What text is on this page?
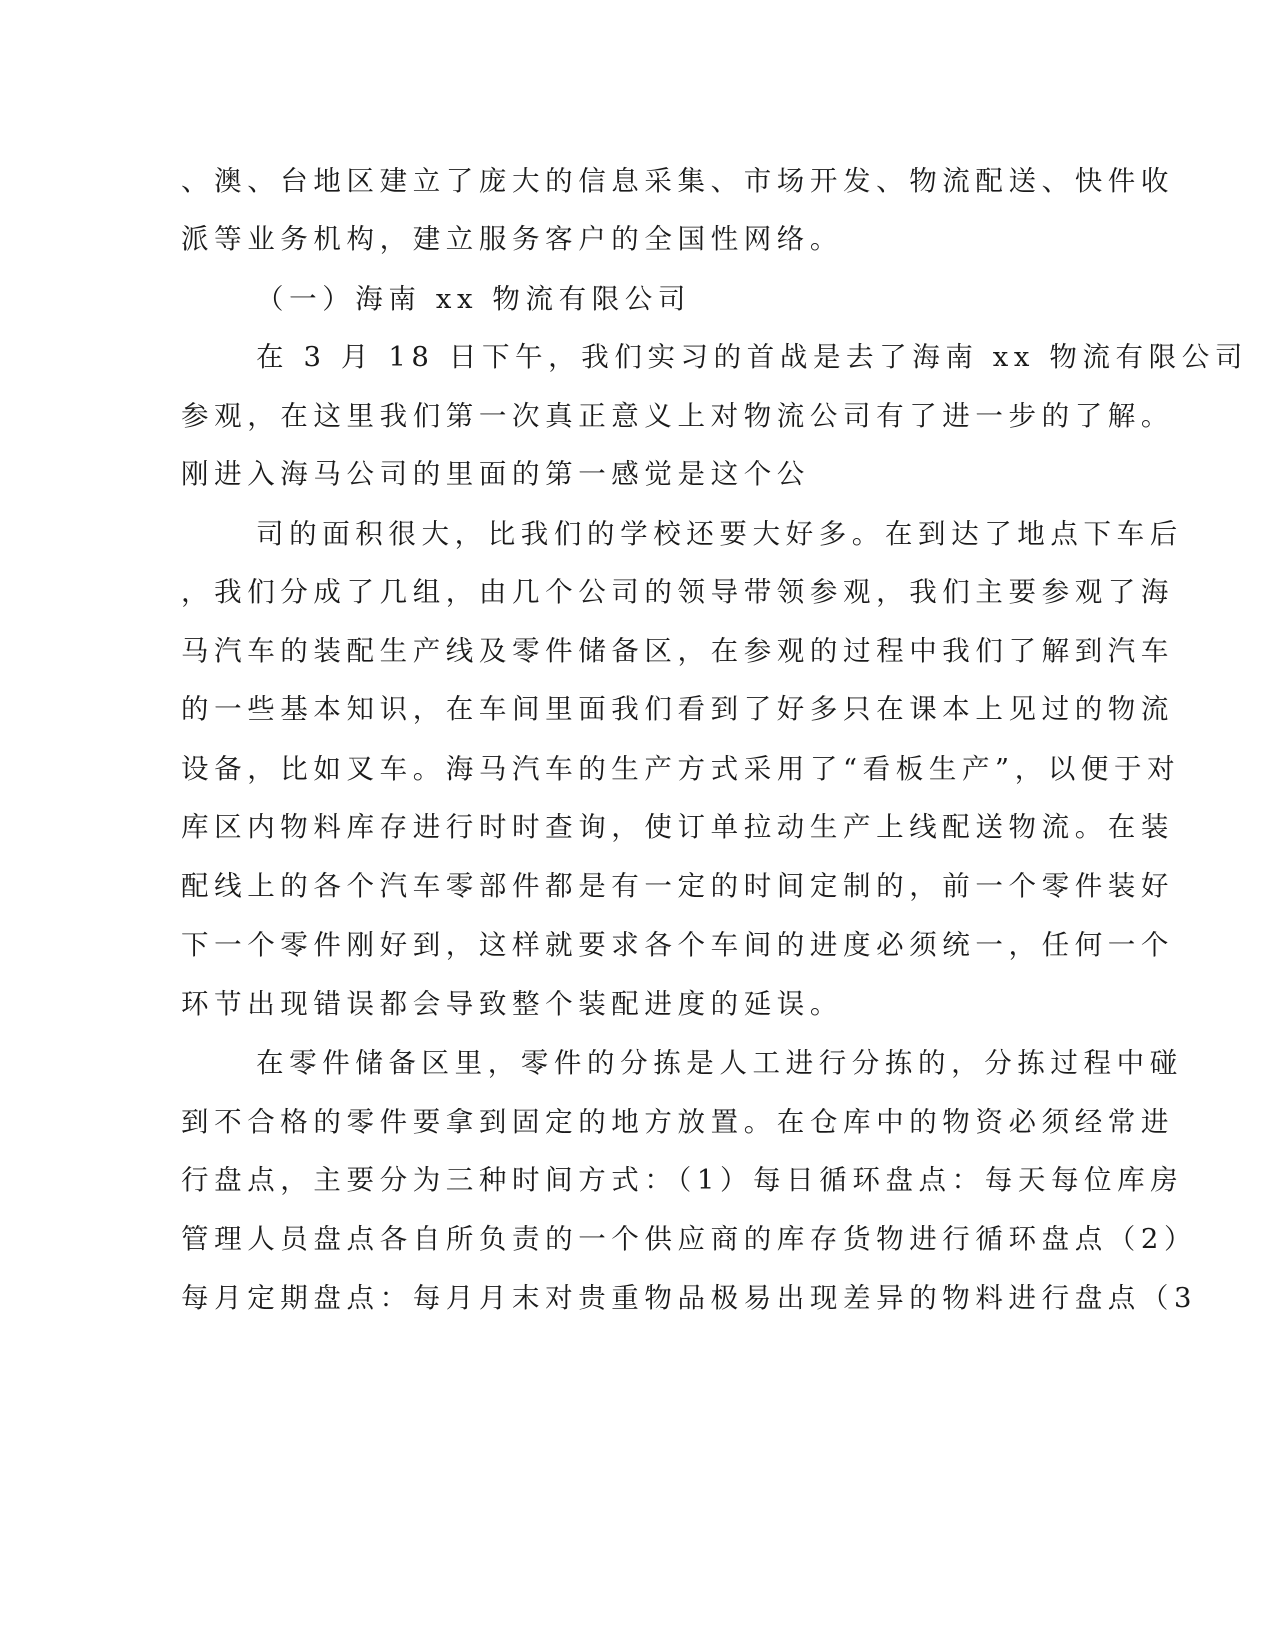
、澳、台地区建立了庞大的信息采集、市场开发、物流配送、快件收
派等业务机构，建立服务客户的全国性网络。
（一）海南 xx 物流有限公司
在 3 月 18 日下午，我们实习的首战是去了海南 xx 物流有限公司
参观，在这里我们第一次真正意义上对物流公司有了进一步的了解。
刚进入海马公司的里面的第一感觉是这个公
司的面积很大，比我们的学校还要大好多。在到达了地点下车后
，我们分成了几组，由几个公司的领导带领参观，我们主要参观了海
马汽车的装配生产线及零件储备区，在参观的过程中我们了解到汽车
的一些基本知识，在车间里面我们看到了好多只在课本上见过的物流
设备，比如叉车。海马汽车的生产方式采用了“看板生产”，以便于对
库区内物料库存进行时时查询，使订单拉动生产上线配送物流。在装
配线上的各个汽车零部件都是有一定的时间定制的，前一个零件装好
下一个零件刚好到，这样就要求各个车间的进度必须统一，任何一个
环节出现错误都会导致整个装配进度的延误。
在零件储备区里，零件的分拣是人工进行分拣的，分拣过程中碰
到不合格的零件要拿到固定的地方放置。在仓库中的物资必须经常进
行盘点，主要分为三种时间方式：（1）每日循环盘点：每天每位库房
管理人员盘点各自所负责的一个供应商的库存货物进行循环盘点（2）
每月定期盘点：每月月末对贵重物品极易出现差异的物料进行盘点（3
